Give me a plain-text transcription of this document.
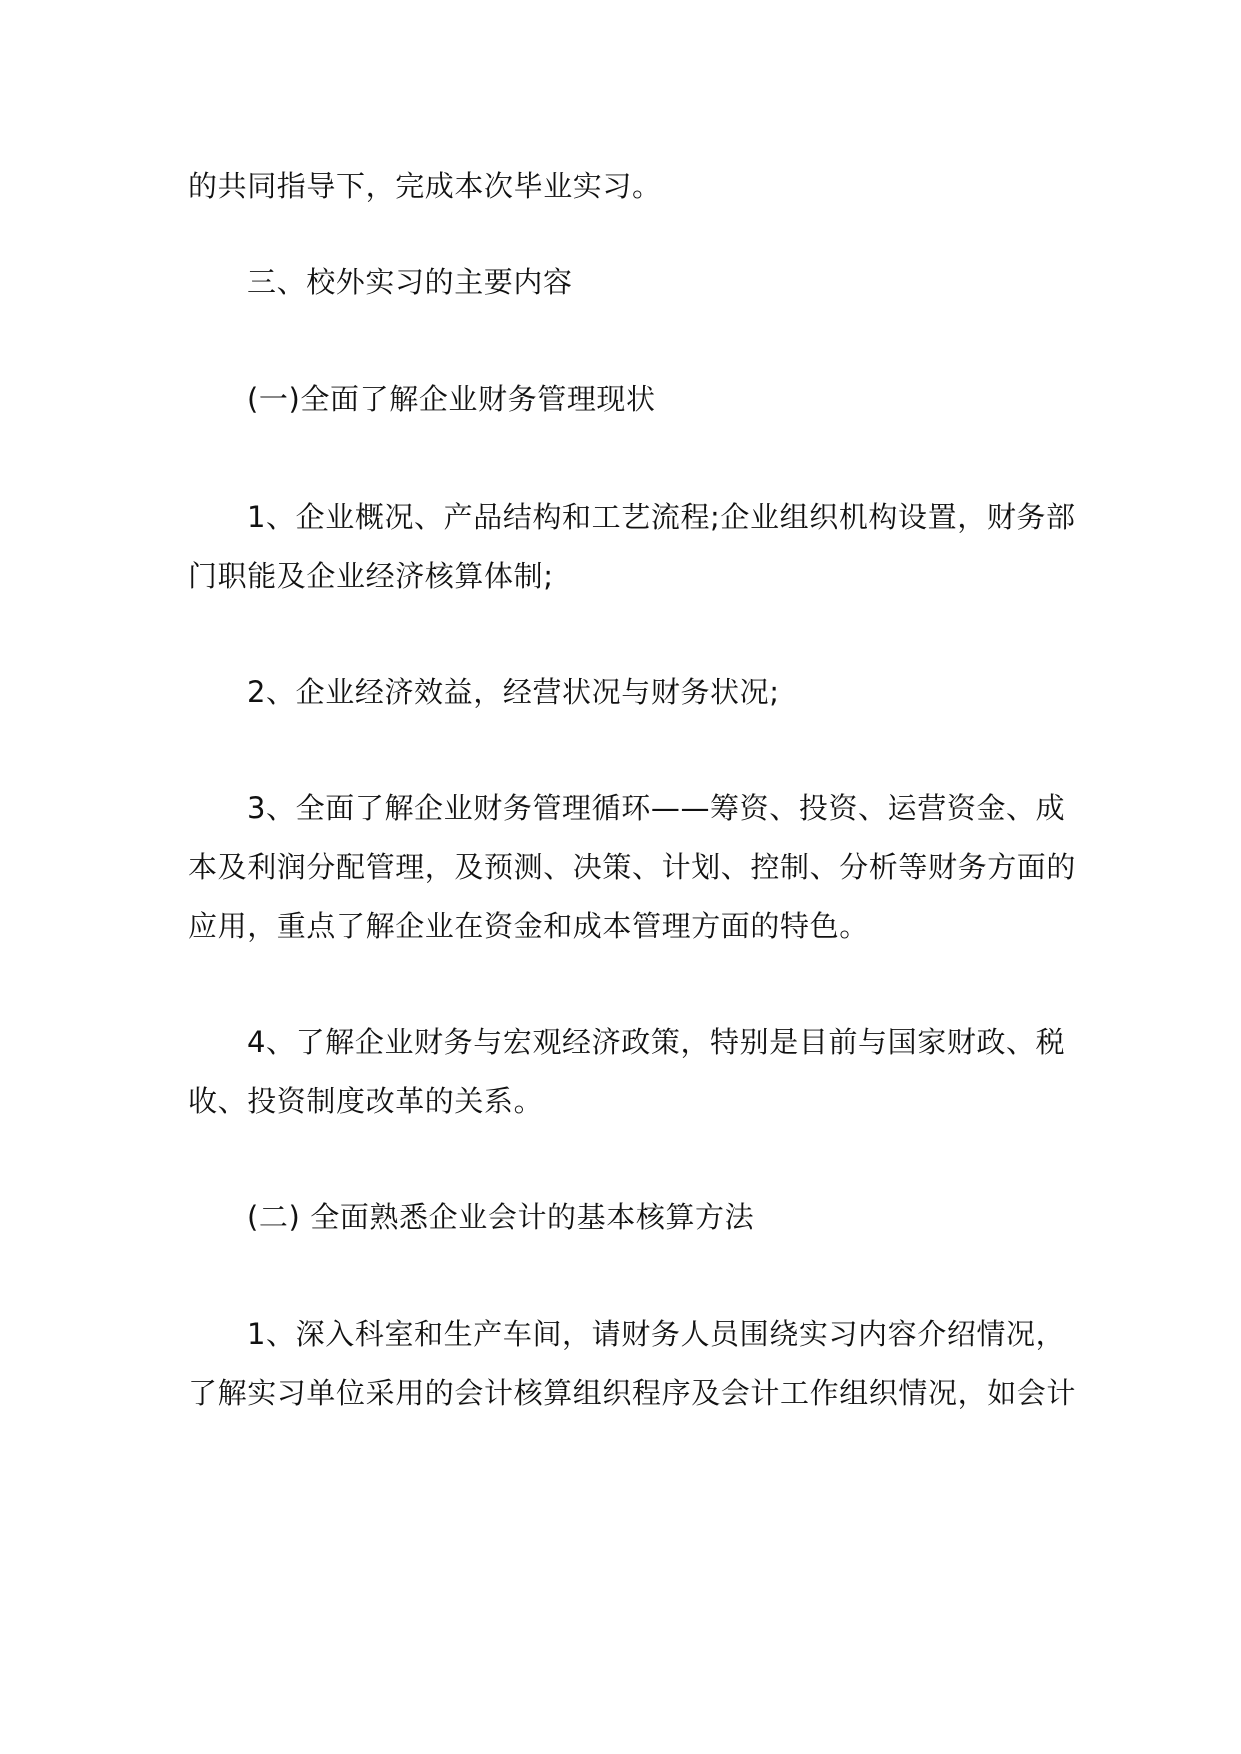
的共同指导下，完成本次毕业实习。
三、校外实习的主要内容
(一)全面了解企业财务管理现状
1、企业概况、产品结构和工艺流程;企业组织机构设置，财务部
门职能及企业经济核算体制;
2、企业经济效益，经营状况与财务状况;
3、全面了解企业财务管理循环——筹资、投资、运营资金、成
本及利润分配管理，及预测、决策、计划、控制、分析等财务方面的
应用，重点了解企业在资金和成本管理方面的特色。
4、了解企业财务与宏观经济政策，特别是目前与国家财政、税
收、投资制度改革的关系。
(二) 全面熟悉企业会计的基本核算方法
1、深入科室和生产车间，请财务人员围绕实习内容介绍情况，
了解实习单位采用的会计核算组织程序及会计工作组织情况，如会计
